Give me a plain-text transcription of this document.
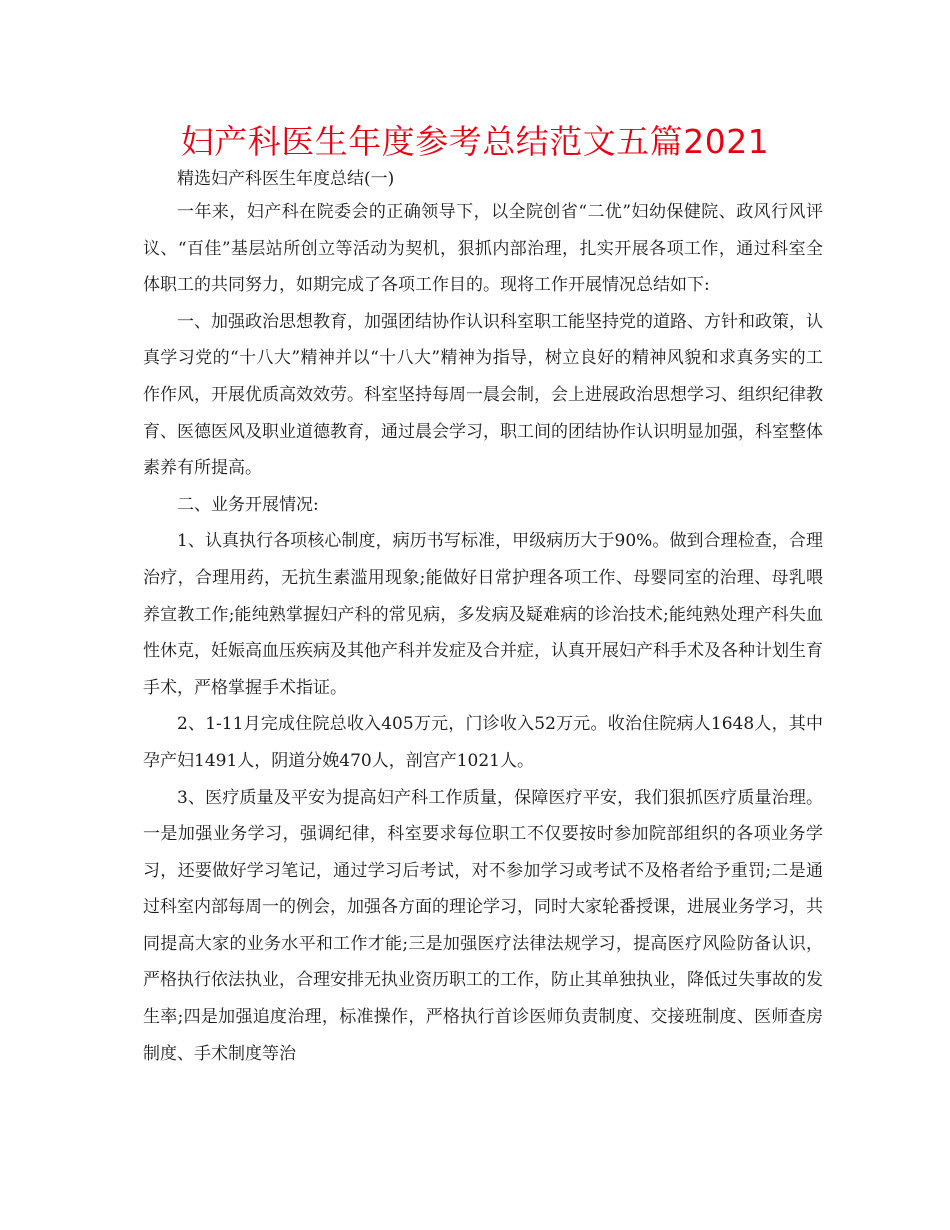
妇产科医生年度参考总结范文五篇2021

精选妇产科医生年度总结(一)

一年来，妇产科在院委会的正确领导下，以全院创省“二优”妇幼保健院、政风行风评议、“百佳”基层站所创立等活动为契机，狠抓内部治理，扎实开展各项工作，通过科室全体职工的共同努力，如期完成了各项工作目的。现将工作开展情况总结如下:

一、加强政治思想教育，加强团结协作认识科室职工能坚持党的道路、方针和政策，认真学习党的“十八大”精神并以“十八大”精神为指导，树立良好的精神风貌和求真务实的工作作风，开展优质高效效劳。科室坚持每周一晨会制，会上进展政治思想学习、组织纪律教育、医德医风及职业道德教育，通过晨会学习，职工间的团结协作认识明显加强，科室整体素养有所提高。

二、业务开展情况:

1、认真执行各项核心制度，病历书写标准，甲级病历大于90%。做到合理检查，合理治疗，合理用药，无抗生素滥用现象;能做好日常护理各项工作、母婴同室的治理、母乳喂养宣教工作;能纯熟掌握妇产科的常见病，多发病及疑难病的诊治技术;能纯熟处理产科失血性休克，妊娠高血压疾病及其他产科并发症及合并症，认真开展妇产科手术及各种计划生育手术，严格掌握手术指证。

2、1-11月完成住院总收入405万元，门诊收入52万元。收治住院病人1648人，其中孕产妇1491人，阴道分娩470人，剖宫产1021人。

3、医疗质量及平安为提高妇产科工作质量，保障医疗平安，我们狠抓医疗质量治理。一是加强业务学习，强调纪律，科室要求每位职工不仅要按时参加院部组织的各项业务学习，还要做好学习笔记，通过学习后考试，对不参加学习或考试不及格者给予重罚;二是通过科室内部每周一的例会，加强各方面的理论学习，同时大家轮番授课，进展业务学习，共同提高大家的业务水平和工作才能;三是加强医疗法律法规学习，提高医疗风险防备认识，严格执行依法执业，合理安排无执业资历职工的工作，防止其单独执业，降低过失事故的发生率;四是加强追度治理，标准操作，严格执行首诊医师负责制度、交接班制度、医师查房制度、手术制度等治
